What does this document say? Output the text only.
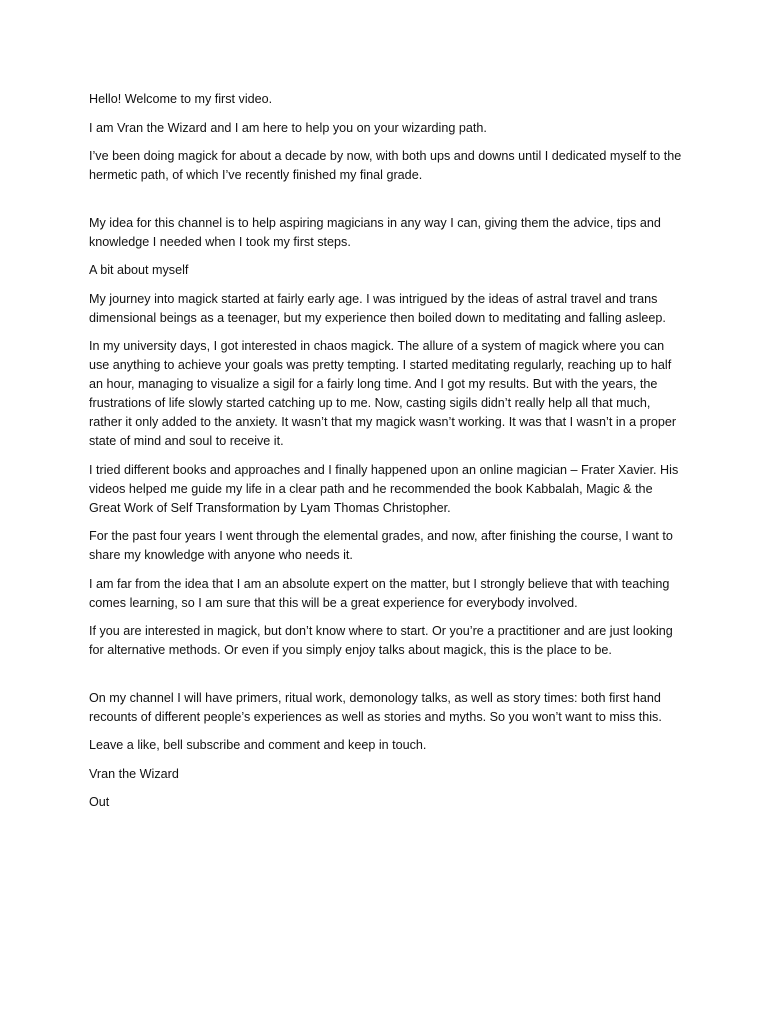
Hello! Welcome to my first video.

I am Vran the Wizard and I am here to help you on your wizarding path.

I’ve been doing magick for about a decade by now, with both ups and downs until I dedicated myself to the hermetic path, of which I’ve recently finished my final grade.

My idea for this channel is to help aspiring magicians in any way I can, giving them the advice, tips and knowledge I needed when I took my first steps.

A bit about myself

My journey into magick started at fairly early age. I was intrigued by the ideas of astral travel and trans dimensional beings as a teenager, but my experience then boiled down to meditating and falling asleep.

In my university days, I got interested in chaos magick. The allure of a system of magick where you can use anything to achieve your goals was pretty tempting. I started meditating regularly, reaching up to half an hour, managing to visualize a sigil for a fairly long time. And I got my results. But with the years, the frustrations of life slowly started catching up to me. Now, casting sigils didn’t really help all that much, rather it only added to the anxiety. It wasn’t that my magick wasn’t working. It was that I wasn’t in a proper state of mind and soul to receive it.

I tried different books and approaches and I finally happened upon an online magician – Frater Xavier. His videos helped me guide my life in a clear path and he recommended the book Kabbalah, Magic & the Great Work of Self Transformation by Lyam Thomas Christopher.

For the past four years I went through the elemental grades, and now, after finishing the course, I want to share my knowledge with anyone who needs it.

I am far from the idea that I am an absolute expert on the matter, but I strongly believe that with teaching comes learning, so I am sure that this will be a great experience for everybody involved.

If you are interested in magick, but don’t know where to start. Or you’re a practitioner and are just looking for alternative methods. Or even if you simply enjoy talks about magick, this is the place to be.

On my channel I will have primers, ritual work, demonology talks, as well as story times: both first hand recounts of different people’s experiences as well as stories and myths. So you won’t want to miss this.

Leave a like, bell subscribe and comment and keep in touch.

Vran the Wizard

Out
